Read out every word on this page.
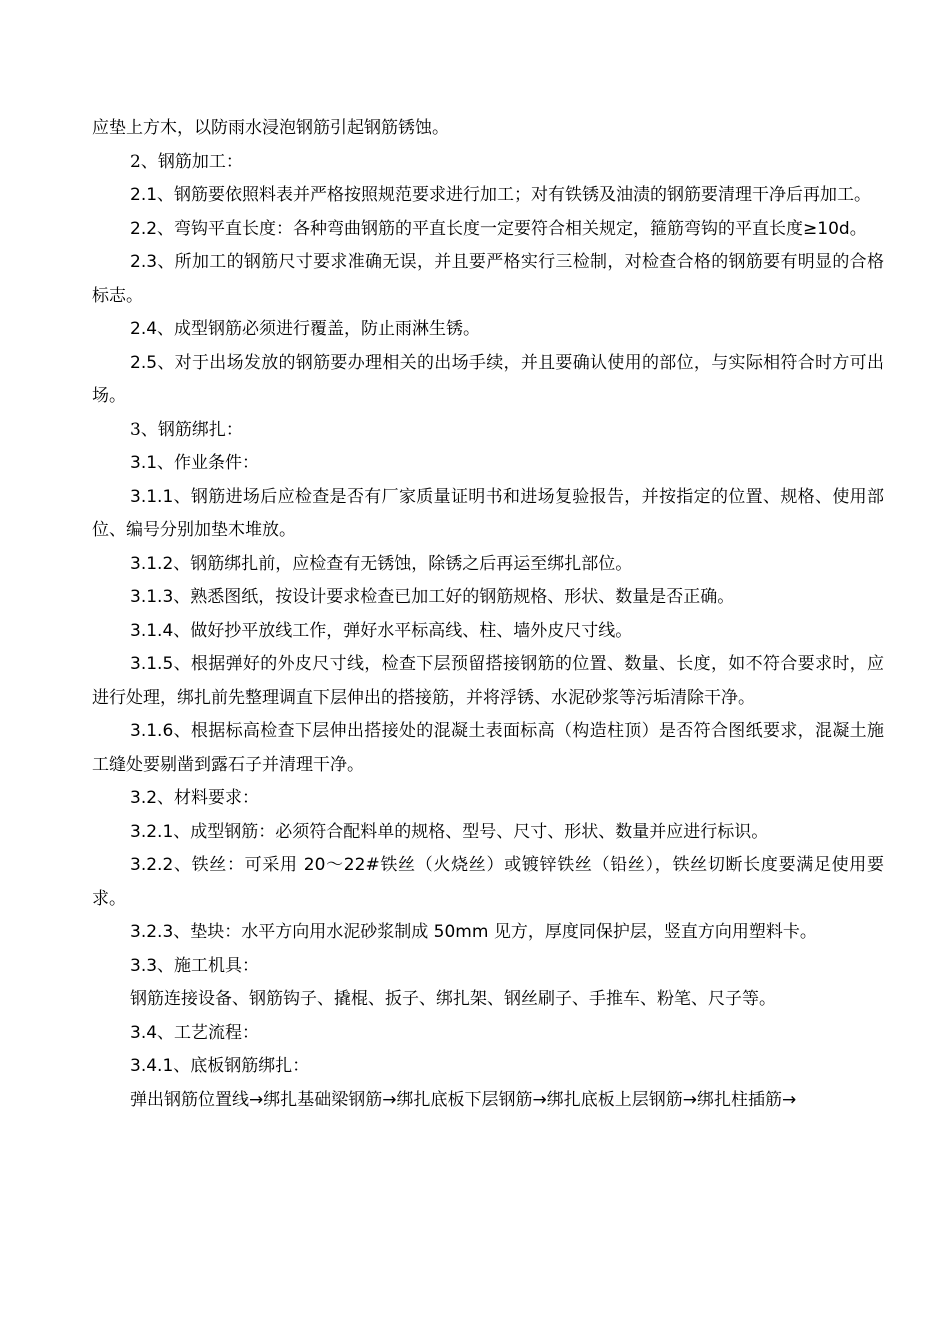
应垫上方木，以防雨水浸泡钢筋引起钢筋锈蚀。

2、钢筋加工：

2.1、钢筋要依照料表并严格按照规范要求进行加工；对有铁锈及油渍的钢筋要清理干净后再加工。

2.2、弯钩平直长度：各种弯曲钢筋的平直长度一定要符合相关规定，箍筋弯钩的平直长度≥10d。

2.3、所加工的钢筋尺寸要求准确无误，并且要严格实行三检制，对检查合格的钢筋要有明显的合格标志。

2.4、成型钢筋必须进行覆盖，防止雨淋生锈。

2.5、对于出场发放的钢筋要办理相关的出场手续，并且要确认使用的部位，与实际相符合时方可出场。

3、钢筋绑扎：

3.1、作业条件：

3.1.1、钢筋进场后应检查是否有厂家质量证明书和进场复验报告，并按指定的位置、规格、使用部位、编号分别加垫木堆放。

3.1.2、钢筋绑扎前，应检查有无锈蚀，除锈之后再运至绑扎部位。

3.1.3、熟悉图纸，按设计要求检查已加工好的钢筋规格、形状、数量是否正确。

3.1.4、做好抄平放线工作，弹好水平标高线、柱、墙外皮尺寸线。

3.1.5、根据弹好的外皮尺寸线，检查下层预留搭接钢筋的位置、数量、长度，如不符合要求时，应进行处理，绑扎前先整理调直下层伸出的搭接筋，并将浮锈、水泥砂浆等污垢清除干净。

3.1.6、根据标高检查下层伸出搭接处的混凝土表面标高（构造柱顶）是否符合图纸要求，混凝土施工缝处要剔凿到露石子并清理干净。

3.2、材料要求：

3.2.1、成型钢筋：必须符合配料单的规格、型号、尺寸、形状、数量并应进行标识。

3.2.2、铁丝：可采用 20～22#铁丝（火烧丝）或镀锌铁丝（铅丝），铁丝切断长度要满足使用要求。

3.2.3、垫块：水平方向用水泥砂浆制成 50mm 见方，厚度同保护层，竖直方向用塑料卡。

3.3、施工机具：

钢筋连接设备、钢筋钩子、撬棍、扳子、绑扎架、钢丝刷子、手推车、粉笔、尺子等。

3.4、工艺流程：

3.4.1、底板钢筋绑扎：

弹出钢筋位置线→绑扎基础梁钢筋→绑扎底板下层钢筋→绑扎底板上层钢筋→绑扎柱插筋→
